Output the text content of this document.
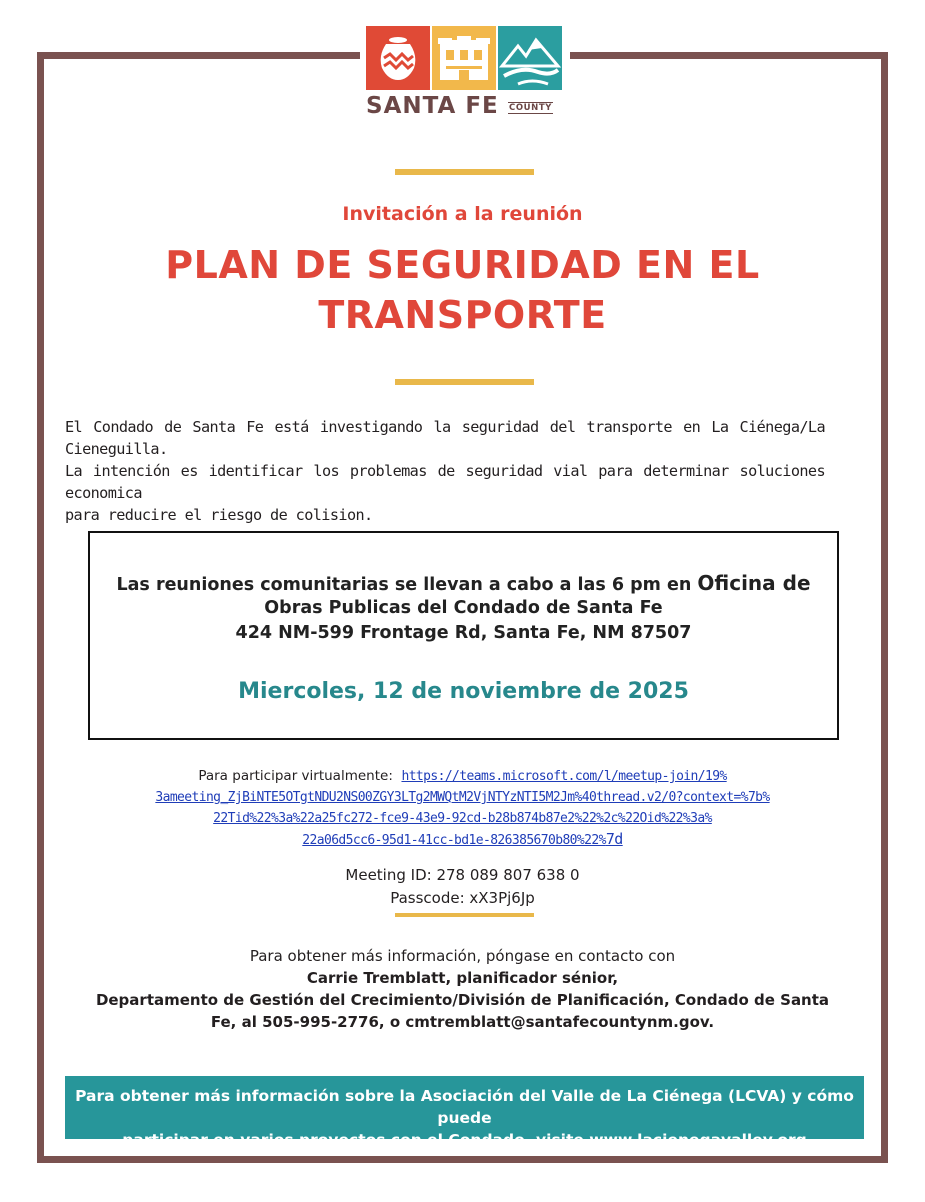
SANTA FE COUNTY
Invitación a la reunión
PLAN DE SEGURIDAD EN EL
TRANSPORTE
El Condado de Santa Fe está investigando la seguridad del transporte en La Ciénega/La Cieneguilla.
La intención es identificar los problemas de seguridad vial para determinar soluciones economica
para reducire el riesgo de colision.
Las reuniones comunitarias se llevan a cabo a las 6 pm en Oficina de
Obras Publicas del Condado de Santa Fe
424 NM-599 Frontage Rd, Santa Fe, NM 87507
Miercoles, 12 de noviembre de 2025
Para participar virtualmente: https://teams.microsoft.com/l/meetup-join/19%
3ameeting_ZjBiNTE5OTgtNDU2NS00ZGY3LTg2MWQtM2VjNTYzNTI5M2Jm%40thread.v2/0?context=%7b%
22Tid%22%3a%22a25fc272-fce9-43e9-92cd-b28b874b87e2%22%2c%22Oid%22%3a%
22a06d5cc6-95d1-41cc-bd1e-826385670b80%22%7d
Meeting ID: 278 089 807 638 0
Passcode: xX3Pj6Jp
Para obtener más información, póngase en contacto con
Carrie Tremblatt, planificador sénior,
Departamento de Gestión del Crecimiento/División de Planificación, Condado de Santa
Fe, al 505-995-2776, o cmtremblatt@santafecountynm.gov.
Para obtener más información sobre la Asociación del Valle de La Ciénega (LCVA) y cómo puede
participar en varios proyectos con el Condado, visite www.lacienegavalley.org
